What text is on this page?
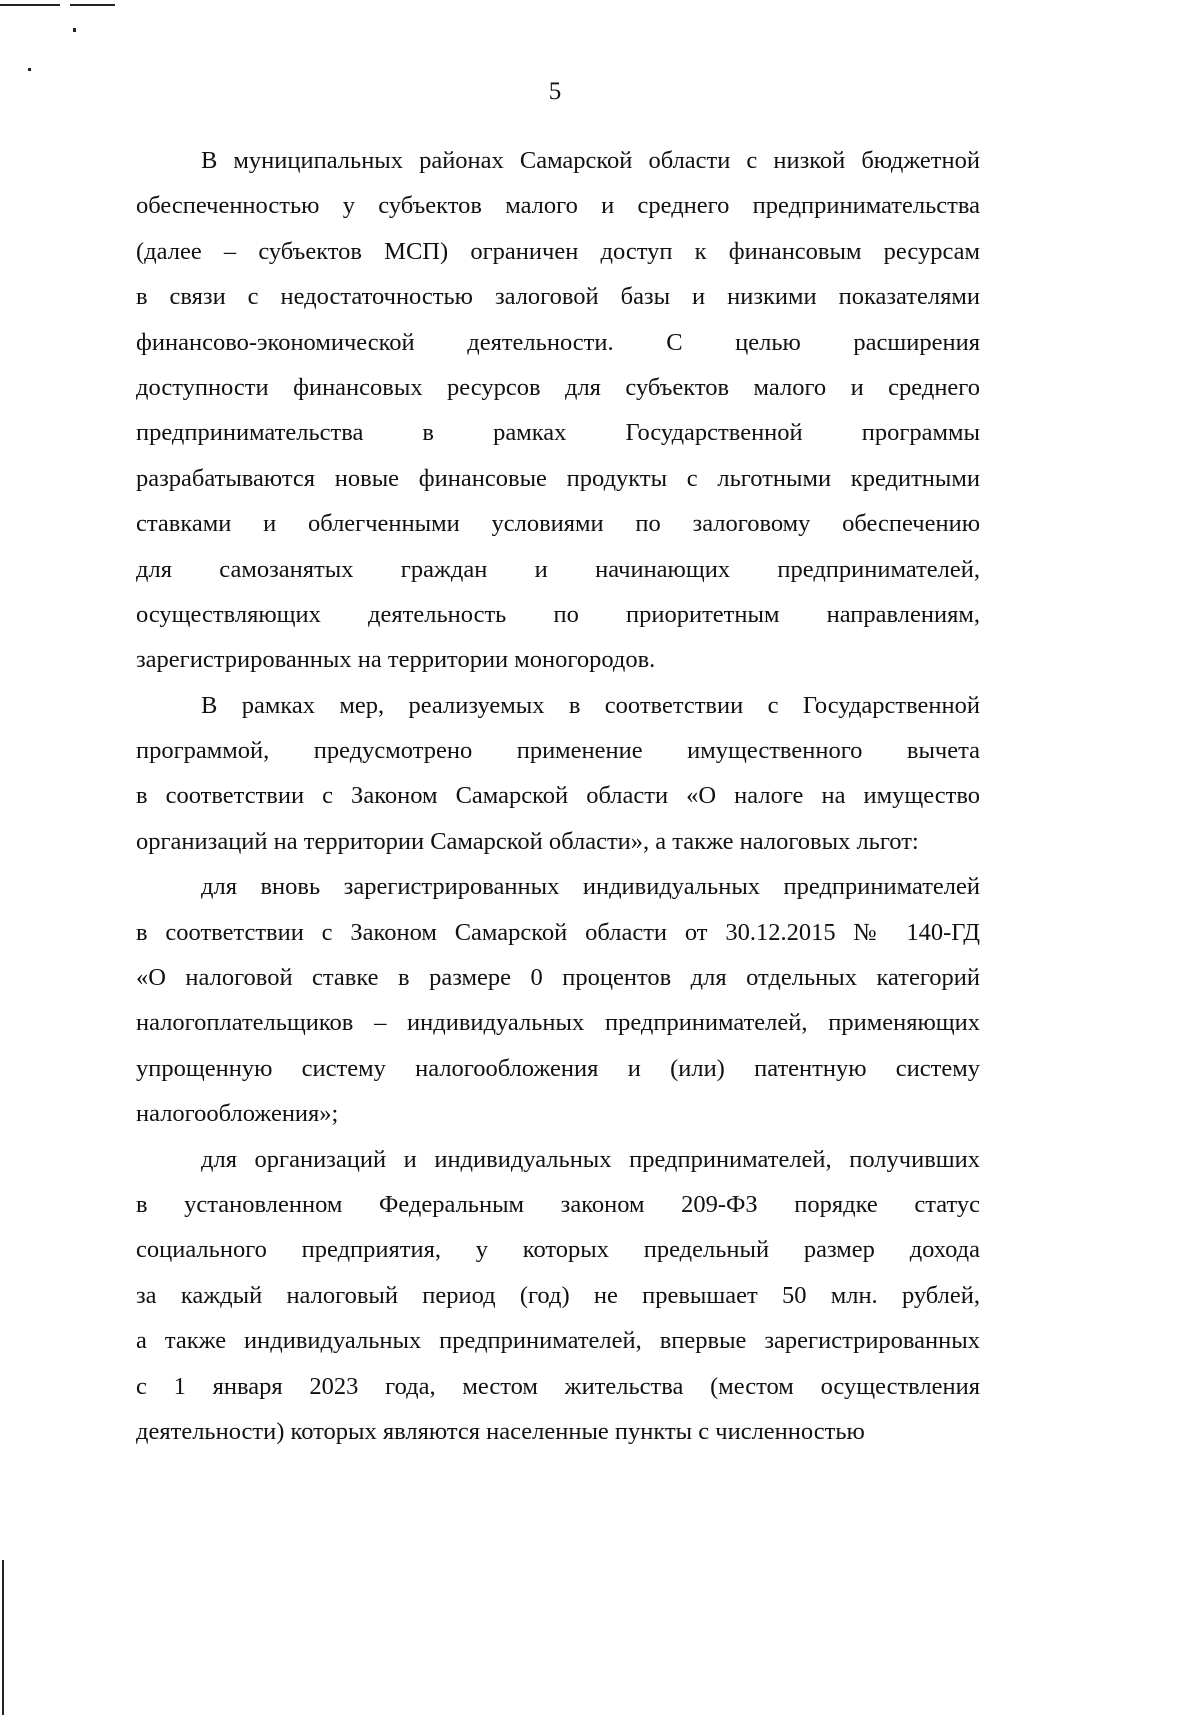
5
В муниципальных районах Самарской области с низкой бюджетной
обеспеченностью у субъектов малого и среднего предпринимательства
(далее – субъектов МСП) ограничен доступ к финансовым ресурсам
в связи с недостаточностью залоговой базы и низкими показателями
финансово-экономической деятельности. С целью расширения
доступности финансовых ресурсов для субъектов малого и среднего
предпринимательства в рамках Государственной программы
разрабатываются новые финансовые продукты с льготными кредитными
ставками и облегченными условиями по залоговому обеспечению
для самозанятых граждан и начинающих предпринимателей,
осуществляющих деятельность по приоритетным направлениям,
зарегистрированных на территории моногородов.
В рамках мер, реализуемых в соответствии с Государственной
программой, предусмотрено применение имущественного вычета
в соответствии с Законом Самарской области «О налоге на имущество
организаций на территории Самарской области», а также налоговых льгот:
для вновь зарегистрированных индивидуальных предпринимателей
в соответствии с Законом Самарской области от 30.12.2015 № 140-ГД
«О налоговой ставке в размере 0 процентов для отдельных категорий
налогоплательщиков – индивидуальных предпринимателей, применяющих
упрощенную систему налогообложения и (или) патентную систему
налогообложения»;
для организаций и индивидуальных предпринимателей, получивших
в установленном Федеральным законом 209-ФЗ порядке статус
социального предприятия, у которых предельный размер дохода
за каждый налоговый период (год) не превышает 50 млн. рублей,
а также индивидуальных предпринимателей, впервые зарегистрированных
с 1 января 2023 года, местом жительства (местом осуществления
деятельности) которых являются населенные пункты с численностью
